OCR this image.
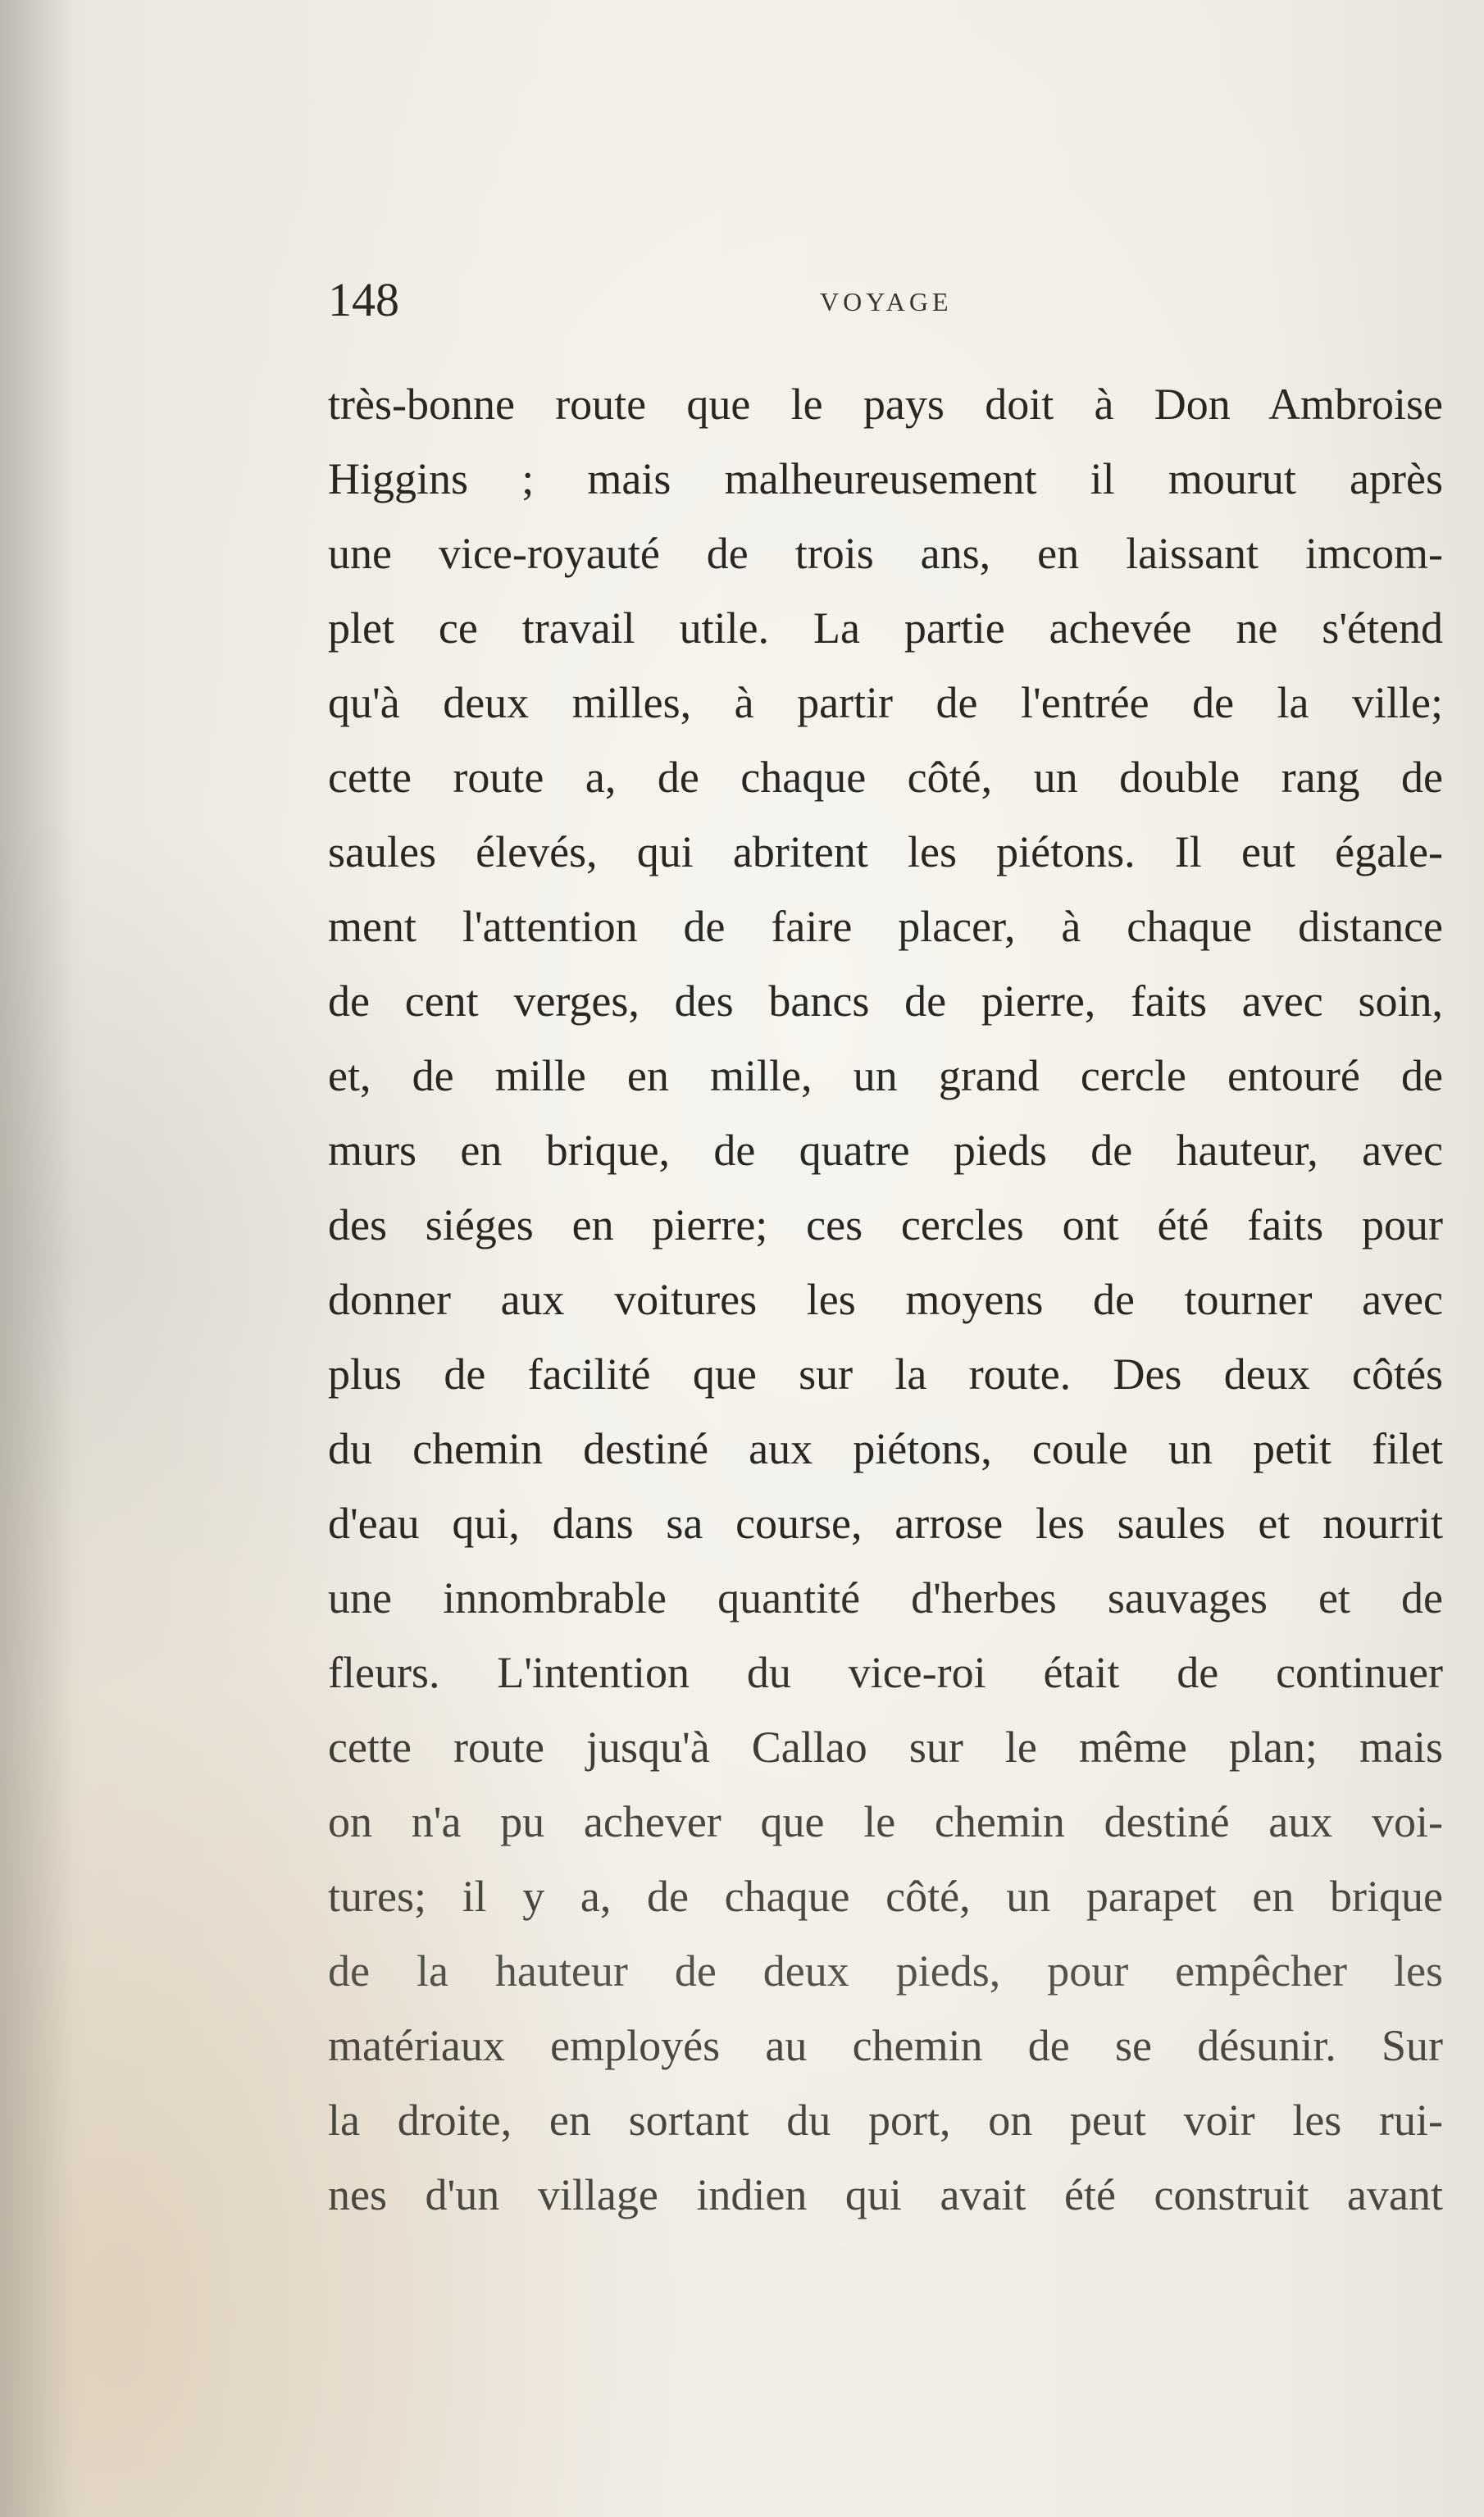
148	VOYAGE
très-bonne route que le pays doit à Don Ambroise
Higgins ; mais malheureusement il mourut après
une vice-royauté de trois ans, en laissant imcom-
plet ce travail utile. La partie achevée ne s'étend
qu'à deux milles, à partir de l'entrée de la ville;
cette route a, de chaque côté, un double rang de
saules élevés, qui abritent les piétons. Il eut égale-
ment l'attention de faire placer, à chaque distance
de cent verges, des bancs de pierre, faits avec soin,
et, de mille en mille, un grand cercle entouré de
murs en brique, de quatre pieds de hauteur, avec
des siéges en pierre; ces cercles ont été faits pour
donner aux voitures les moyens de tourner avec
plus de facilité que sur la route. Des deux côtés
du chemin destiné aux piétons, coule un petit filet
d'eau qui, dans sa course, arrose les saules et nourrit
une innombrable quantité d'herbes sauvages et de
fleurs. L'intention du vice-roi était de continuer
cette route jusqu'à Callao sur le même plan; mais
on n'a pu achever que le chemin destiné aux voi-
tures; il y a, de chaque côté, un parapet en brique
de la hauteur de deux pieds, pour empêcher les
matériaux employés au chemin de se désunir. Sur
la droite, en sortant du port, on peut voir les rui-
nes d'un village indien qui avait été construit avant
